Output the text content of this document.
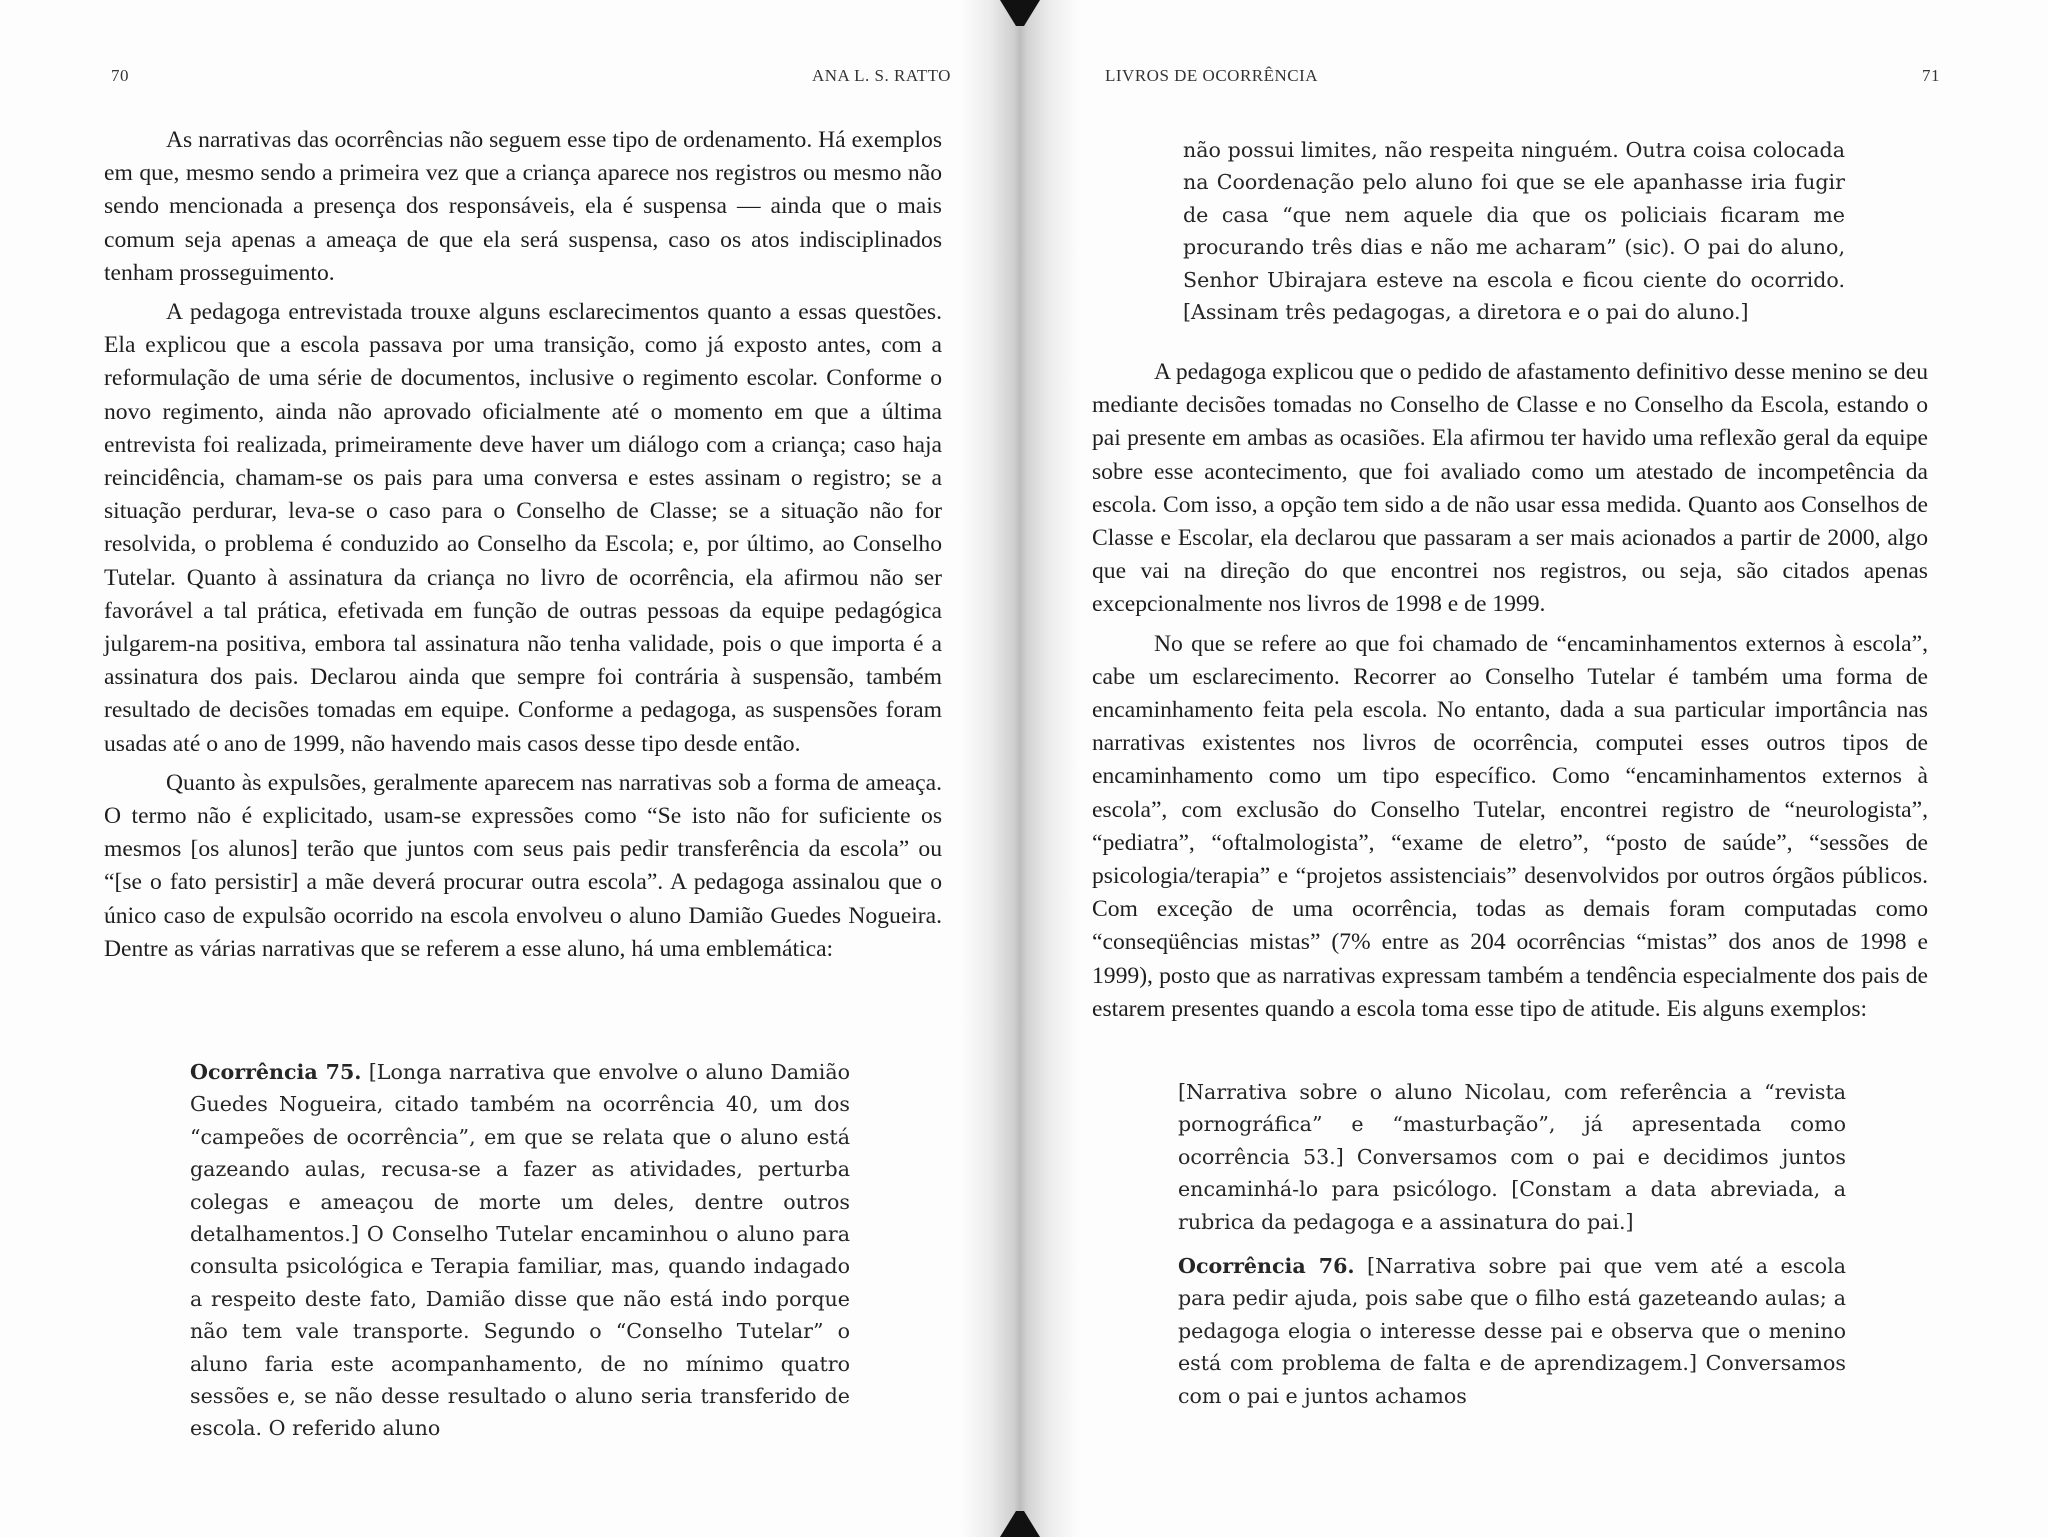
70	ANA L. S. RATTO

As narrativas das ocorrências não seguem esse tipo de ordenamento. Há exemplos em que, mesmo sendo a primeira vez que a criança aparece nos registros ou mesmo não sendo mencionada a presença dos responsáveis, ela é suspensa — ainda que o mais comum seja apenas a ameaça de que ela será suspensa, caso os atos indisciplinados tenham prosseguimento.

A pedagoga entrevistada trouxe alguns esclarecimentos quanto a essas questões. Ela explicou que a escola passava por uma transição, como já exposto antes, com a reformulação de uma série de documentos, inclusive o regimento escolar. Conforme o novo regimento, ainda não aprovado oficialmente até o momento em que a última entrevista foi realizada, primeiramente deve haver um diálogo com a criança; caso haja reincidência, chamam-se os pais para uma conversa e estes assinam o registro; se a situação perdurar, leva-se o caso para o Conselho de Classe; se a situação não for resolvida, o problema é conduzido ao Conselho da Escola; e, por último, ao Conselho Tutelar. Quanto à assinatura da criança no livro de ocorrência, ela afirmou não ser favorável a tal prática, efetivada em função de outras pessoas da equipe pedagógica julgarem-na positiva, embora tal assinatura não tenha validade, pois o que importa é a assinatura dos pais. Declarou ainda que sempre foi contrária à suspensão, também resultado de decisões tomadas em equipe. Conforme a pedagoga, as suspensões foram usadas até o ano de 1999, não havendo mais casos desse tipo desde então.

Quanto às expulsões, geralmente aparecem nas narrativas sob a forma de ameaça. O termo não é explicitado, usam-se expressões como “Se isto não for suficiente os mesmos [os alunos] terão que juntos com seus pais pedir transferência da escola” ou “[se o fato persistir] a mãe deverá procurar outra escola”. A pedagoga assinalou que o único caso de expulsão ocorrido na escola envolveu o aluno Damião Guedes Nogueira. Dentre as várias narrativas que se referem a esse aluno, há uma emblemática:

Ocorrência 75. [Longa narrativa que envolve o aluno Damião Guedes Nogueira, citado também na ocorrência 40, um dos “campeões de ocorrência”, em que se relata que o aluno está gazeando aulas, recusa-se a fazer as atividades, perturba colegas e ameaçou de morte um deles, dentre outros detalhamentos.] O Conselho Tutelar encaminhou o aluno para consulta psicológica e Terapia familiar, mas, quando indagado a respeito deste fato, Damião disse que não está indo porque não tem vale transporte. Segundo o “Conselho Tutelar” o aluno faria este acompanhamento, de no mínimo quatro sessões e, se não desse resultado o aluno seria transferido de escola. O referido aluno

LIVROS DE OCORRÊNCIA	71

não possui limites, não respeita ninguém. Outra coisa colocada na Coordenação pelo aluno foi que se ele apanhasse iria fugir de casa “que nem aquele dia que os policiais ficaram me procurando três dias e não me acharam” (sic). O pai do aluno, Senhor Ubirajara esteve na escola e ficou ciente do ocorrido. [Assinam três pedagogas, a diretora e o pai do aluno.]

A pedagoga explicou que o pedido de afastamento definitivo desse menino se deu mediante decisões tomadas no Conselho de Classe e no Conselho da Escola, estando o pai presente em ambas as ocasiões. Ela afirmou ter havido uma reflexão geral da equipe sobre esse acontecimento, que foi avaliado como um atestado de incompetência da escola. Com isso, a opção tem sido a de não usar essa medida. Quanto aos Conselhos de Classe e Escolar, ela declarou que passaram a ser mais acionados a partir de 2000, algo que vai na direção do que encontrei nos registros, ou seja, são citados apenas excepcionalmente nos livros de 1998 e de 1999.

No que se refere ao que foi chamado de “encaminhamentos externos à escola”, cabe um esclarecimento. Recorrer ao Conselho Tutelar é também uma forma de encaminhamento feita pela escola. No entanto, dada a sua particular importância nas narrativas existentes nos livros de ocorrência, computei esses outros tipos de encaminhamento como um tipo específico. Como “encaminhamentos externos à escola”, com exclusão do Conselho Tutelar, encontrei registro de “neurologista”, “pediatra”, “oftalmologista”, “exame de eletro”, “posto de saúde”, “sessões de psicologia/terapia” e “projetos assistenciais” desenvolvidos por outros órgãos públicos. Com exceção de uma ocorrência, todas as demais foram computadas como “conseqüências mistas” (7% entre as 204 ocorrências “mistas” dos anos de 1998 e 1999), posto que as narrativas expressam também a tendência especialmente dos pais de estarem presentes quando a escola toma esse tipo de atitude. Eis alguns exemplos:

[Narrativa sobre o aluno Nicolau, com referência a “revista pornográfica” e “masturbação”, já apresentada como ocorrência 53.] Conversamos com o pai e decidimos juntos encaminhá-lo para psicólogo. [Constam a data abreviada, a rubrica da pedagoga e a assinatura do pai.]

Ocorrência 76. [Narrativa sobre pai que vem até a escola para pedir ajuda, pois sabe que o filho está gazeteando aulas; a pedagoga elogia o interesse desse pai e observa que o menino está com problema de falta e de aprendizagem.] Conversamos com o pai e juntos achamos
